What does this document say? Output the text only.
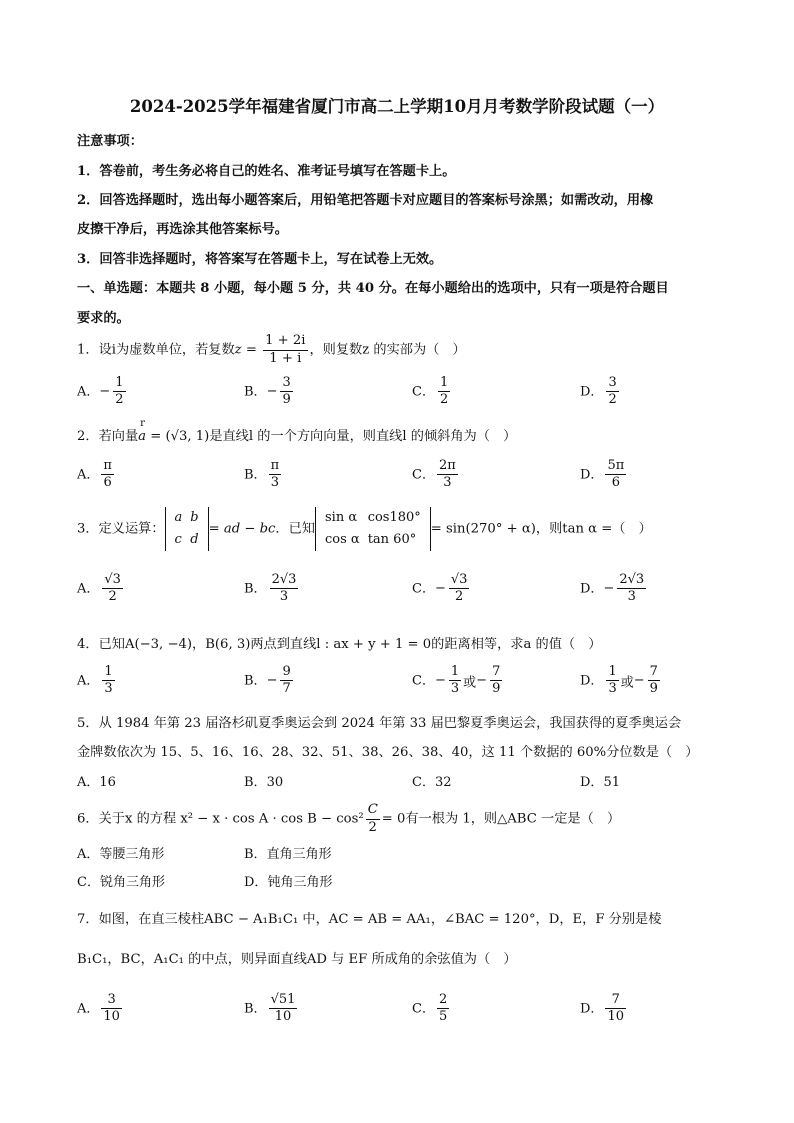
2024-2025学年福建省厦门市高二上学期10月月考数学阶段试题（一）
注意事项：
1．答卷前，考生务必将自己的姓名、准考证号填写在答题卡上。
2．回答选择题时，选出每小题答案后，用铅笔把答题卡对应题目的答案标号涂黑；如需改动，用橡
皮擦干净后，再选涂其他答案标号。
3．回答非选择题时，将答案写在答题卡上，写在试卷上无效。
一、单选题：本题共 8 小题，每小题 5 分，共 40 分。在每小题给出的选项中，只有一项是符合题目
要求的。
1．设i为虚数单位，若复数$z = \frac{1 + 2i}{1 + i}$ ，则复数z 的实部为（　）
A．− $\frac{1}{2}$	B．− $\frac{3}{9}$	C． $\frac{1}{2}$	D． $\frac{3}{2}$
2．若向量a
r
= (√3, 1)是直线l 的一个方向向量，则直线l 的倾斜角为（　）
A． $\frac{\pi}{6}$	B． $\frac{\pi}{3}$	C． $\frac{2\pi}{3}$	D． $\frac{5\pi}{6}$
3．定义运算：
a	b
c	d
= ad − bc．已知
sin α	cos180°
cos α	tan 60°
= sin(270° + α)，则tan α =（　）
A． $\frac{√3}{2}$	B． $\frac{2√3}{3}$	C．− $\frac{√3}{2}$	D．− $\frac{2√3}{3}$
4．已知A(−3, −4)，B(6, 3)两点到直线l : ax + y + 1 = 0的距离相等，求a 的值（　）
A． $\frac{1}{3}$	B．− $\frac{9}{7}$	C．− $\frac{1}{3}$ 或− $\frac{7}{9}$	D． $\frac{1}{3}$ 或− $\frac{7}{9}$
5．从 1984 年第 23 届洛杉矶夏季奥运会到 2024 年第 33 届巴黎夏季奥运会，我国获得的夏季奥运会
金牌数依次为 15、5、16、16、28、32、51、38、26、38、40，这 11 个数据的 60%分位数是（　）
A．16	B．30	C．32	D．51
6．关于x 的方程 $x^2 - x \cdot \cos A \cdot \cos B - \cos^2 \frac{C}{2} = 0$有一根为 1，则△ABC 一定是（　）
A．等腰三角形	B．直角三角形
C．锐角三角形	D．钝角三角形
7．如图，在直三棱柱ABC − A₁B₁C₁ 中，AC = AB = AA₁，∠BAC = 120°，D，E，F 分别是棱
B₁C₁，BC，A₁C₁ 的中点，则异面直线AD 与 EF 所成角的余弦值为（　）
A． $\frac{3}{10}$	B． $\frac{√51}{10}$	C． $\frac{2}{5}$	D． $\frac{7}{10}$
